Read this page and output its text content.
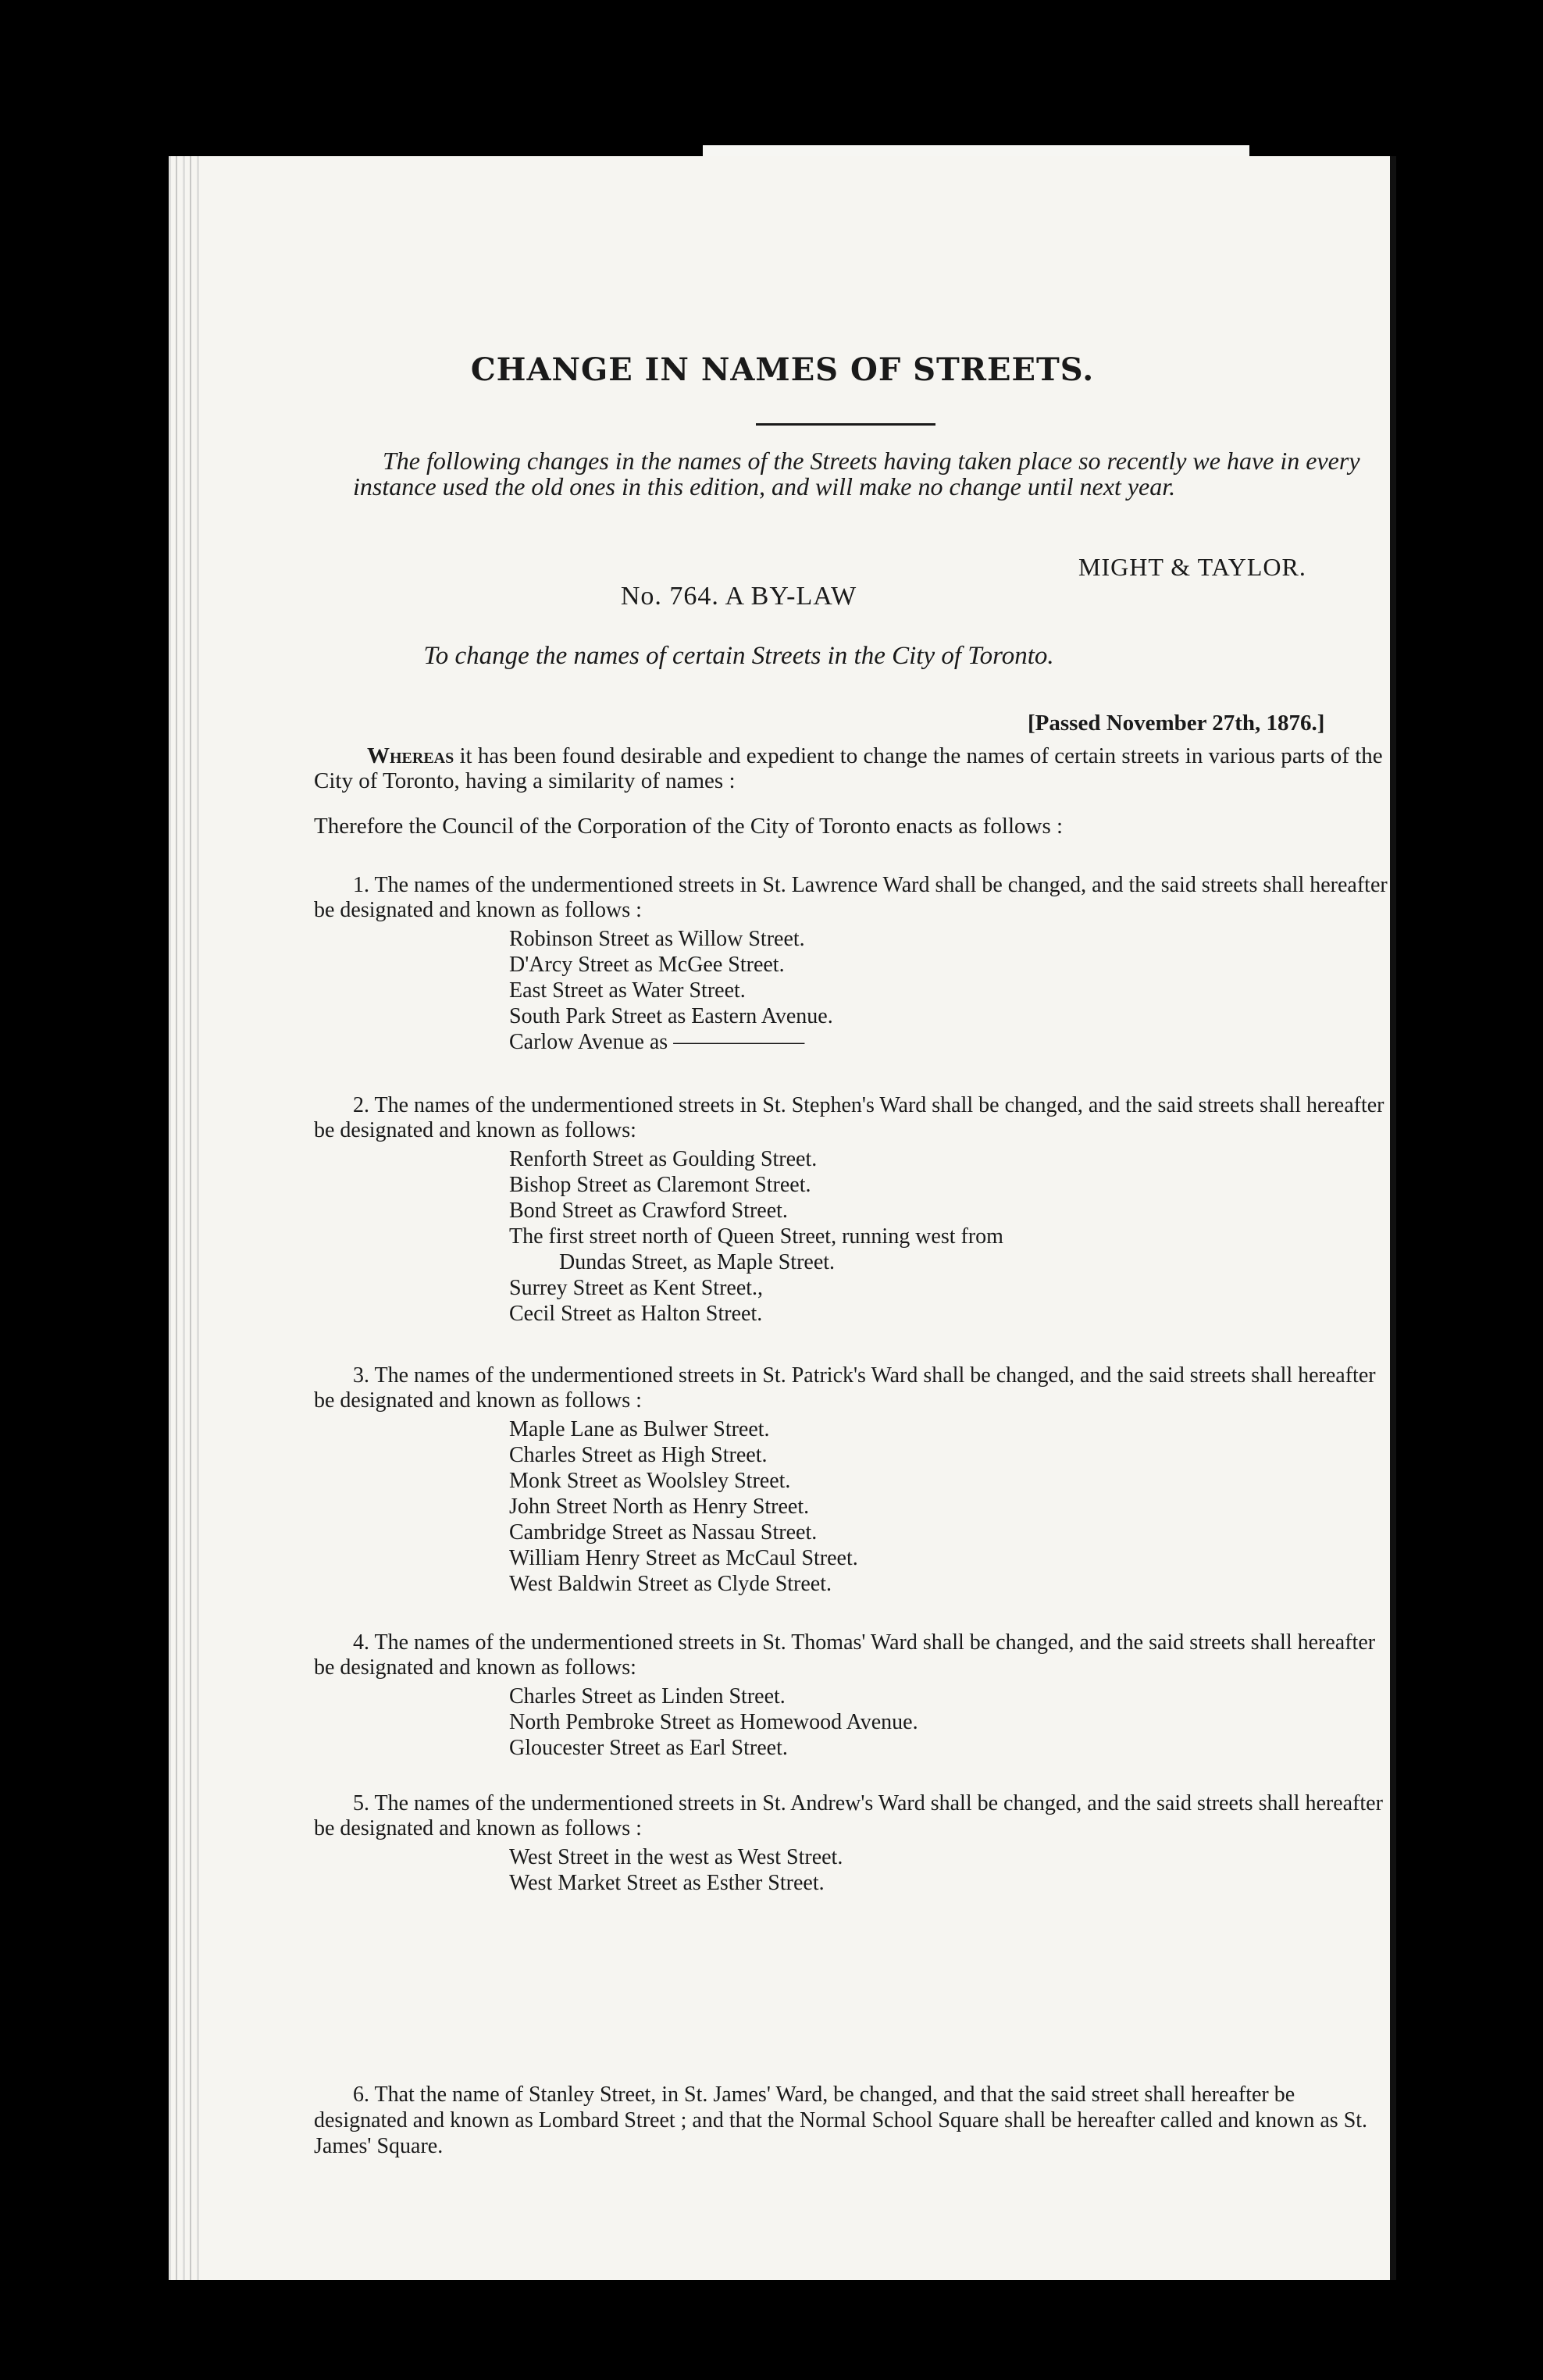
CHANGE IN NAMES OF STREETS.
The following changes in the names of the Streets having taken place so recently we have in every instance used the old ones in this edition, and will make no change until next year.
MIGHT & TAYLOR.
No. 764. A BY-LAW
To change the names of certain Streets in the City of Toronto.
[Passed November 27th, 1876.]
Whereas it has been found desirable and expedient to change the names of certain streets in various parts of the City of Toronto, having a similarity of names :
Therefore the Council of the Corporation of the City of Toronto enacts as follows :
1. The names of the undermentioned streets in St. Lawrence Ward shall be changed, and the said streets shall hereafter be designated and known as follows :
Robinson Street as Willow Street.
D'Arcy Street as McGee Street.
East Street as Water Street.
South Park Street as Eastern Avenue.
Carlow Avenue as ——————
2. The names of the undermentioned streets in St. Stephen's Ward shall be changed, and the said streets shall hereafter be designated and known as follows:
Renforth Street as Goulding Street.
Bishop Street as Claremont Street.
Bond Street as Crawford Street.
The first street north of Queen Street, running west from
Dundas Street, as Maple Street.
Surrey Street as Kent Street.,
Cecil Street as Halton Street.
3. The names of the undermentioned streets in St. Patrick's Ward shall be changed, and the said streets shall hereafter be designated and known as follows :
Maple Lane as Bulwer Street.
Charles Street as High Street.
Monk Street as Woolsley Street.
John Street North as Henry Street.
Cambridge Street as Nassau Street.
William Henry Street as McCaul Street.
West Baldwin Street as Clyde Street.
4. The names of the undermentioned streets in St. Thomas' Ward shall be changed, and the said streets shall hereafter be designated and known as follows:
Charles Street as Linden Street.
North Pembroke Street as Homewood Avenue.
Gloucester Street as Earl Street.
5. The names of the undermentioned streets in St. Andrew's Ward shall be changed, and the said streets shall hereafter be designated and known as follows :
West Street in the west as West Street.
West Market Street as Esther Street.
6. That the name of Stanley Street, in St. James' Ward, be changed, and that the said street shall hereafter be designated and known as Lombard Street ; and that the Normal School Square shall be hereafter called and known as St. James' Square.
